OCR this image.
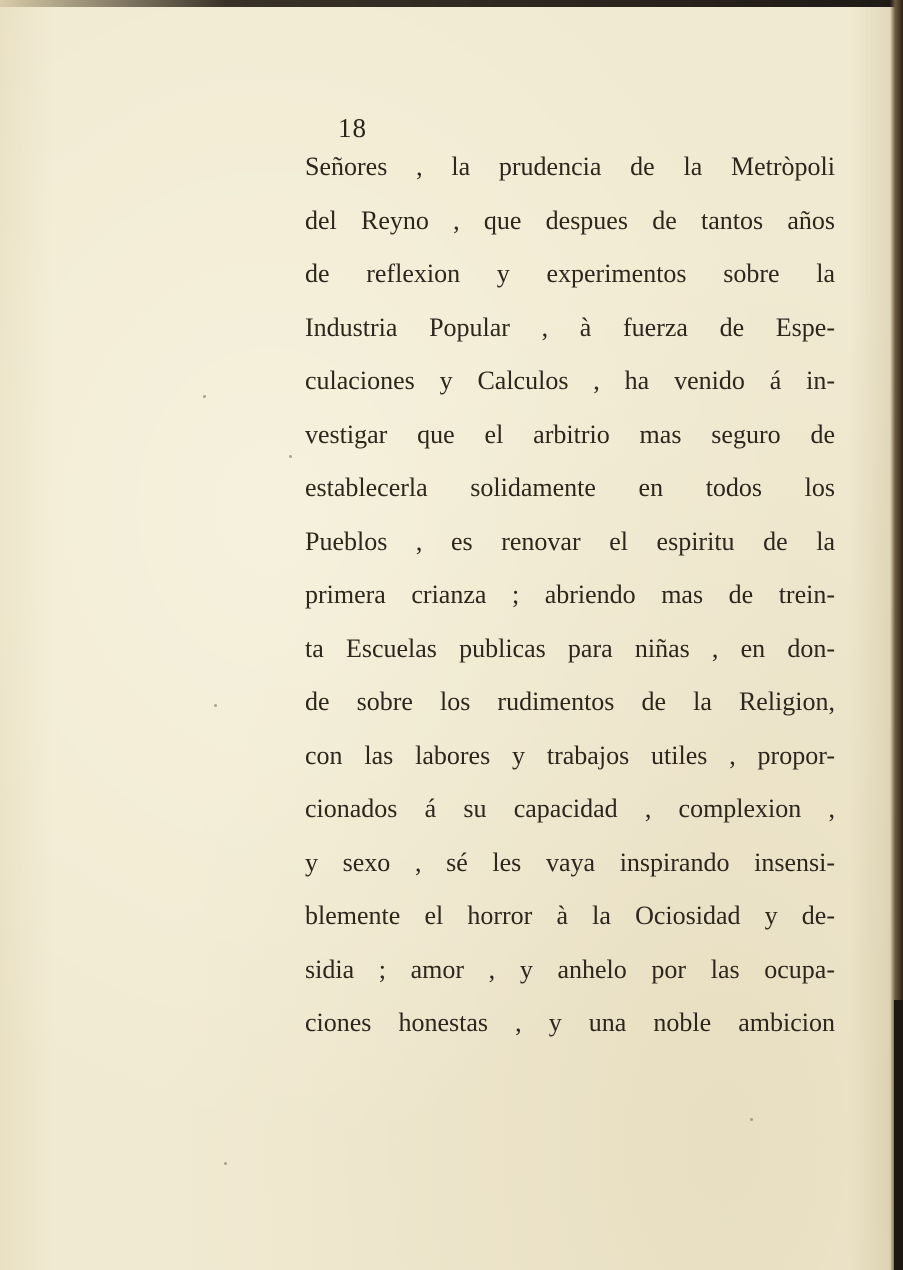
18
Señores , la prudencia de la Metròpoli
del Reyno , que despues de tantos años
de reflexion y experimentos sobre la
Industria Popular , à fuerza de Espe-
culaciones y Calculos , ha venido á in-
vestigar que el arbitrio mas seguro de
establecerla solidamente en todos los
Pueblos , es renovar el espiritu de la
primera crianza ; abriendo mas de trein-
ta Escuelas publicas para niñas , en don-
de sobre los rudimentos de la Religion,
con las labores y trabajos utiles , propor-
cionados á su capacidad , complexion ,
y sexo , sé les vaya inspirando insensi-
blemente el horror à la Ociosidad y de-
sidia ; amor , y anhelo por las ocupa-
ciones honestas , y una noble ambicion
